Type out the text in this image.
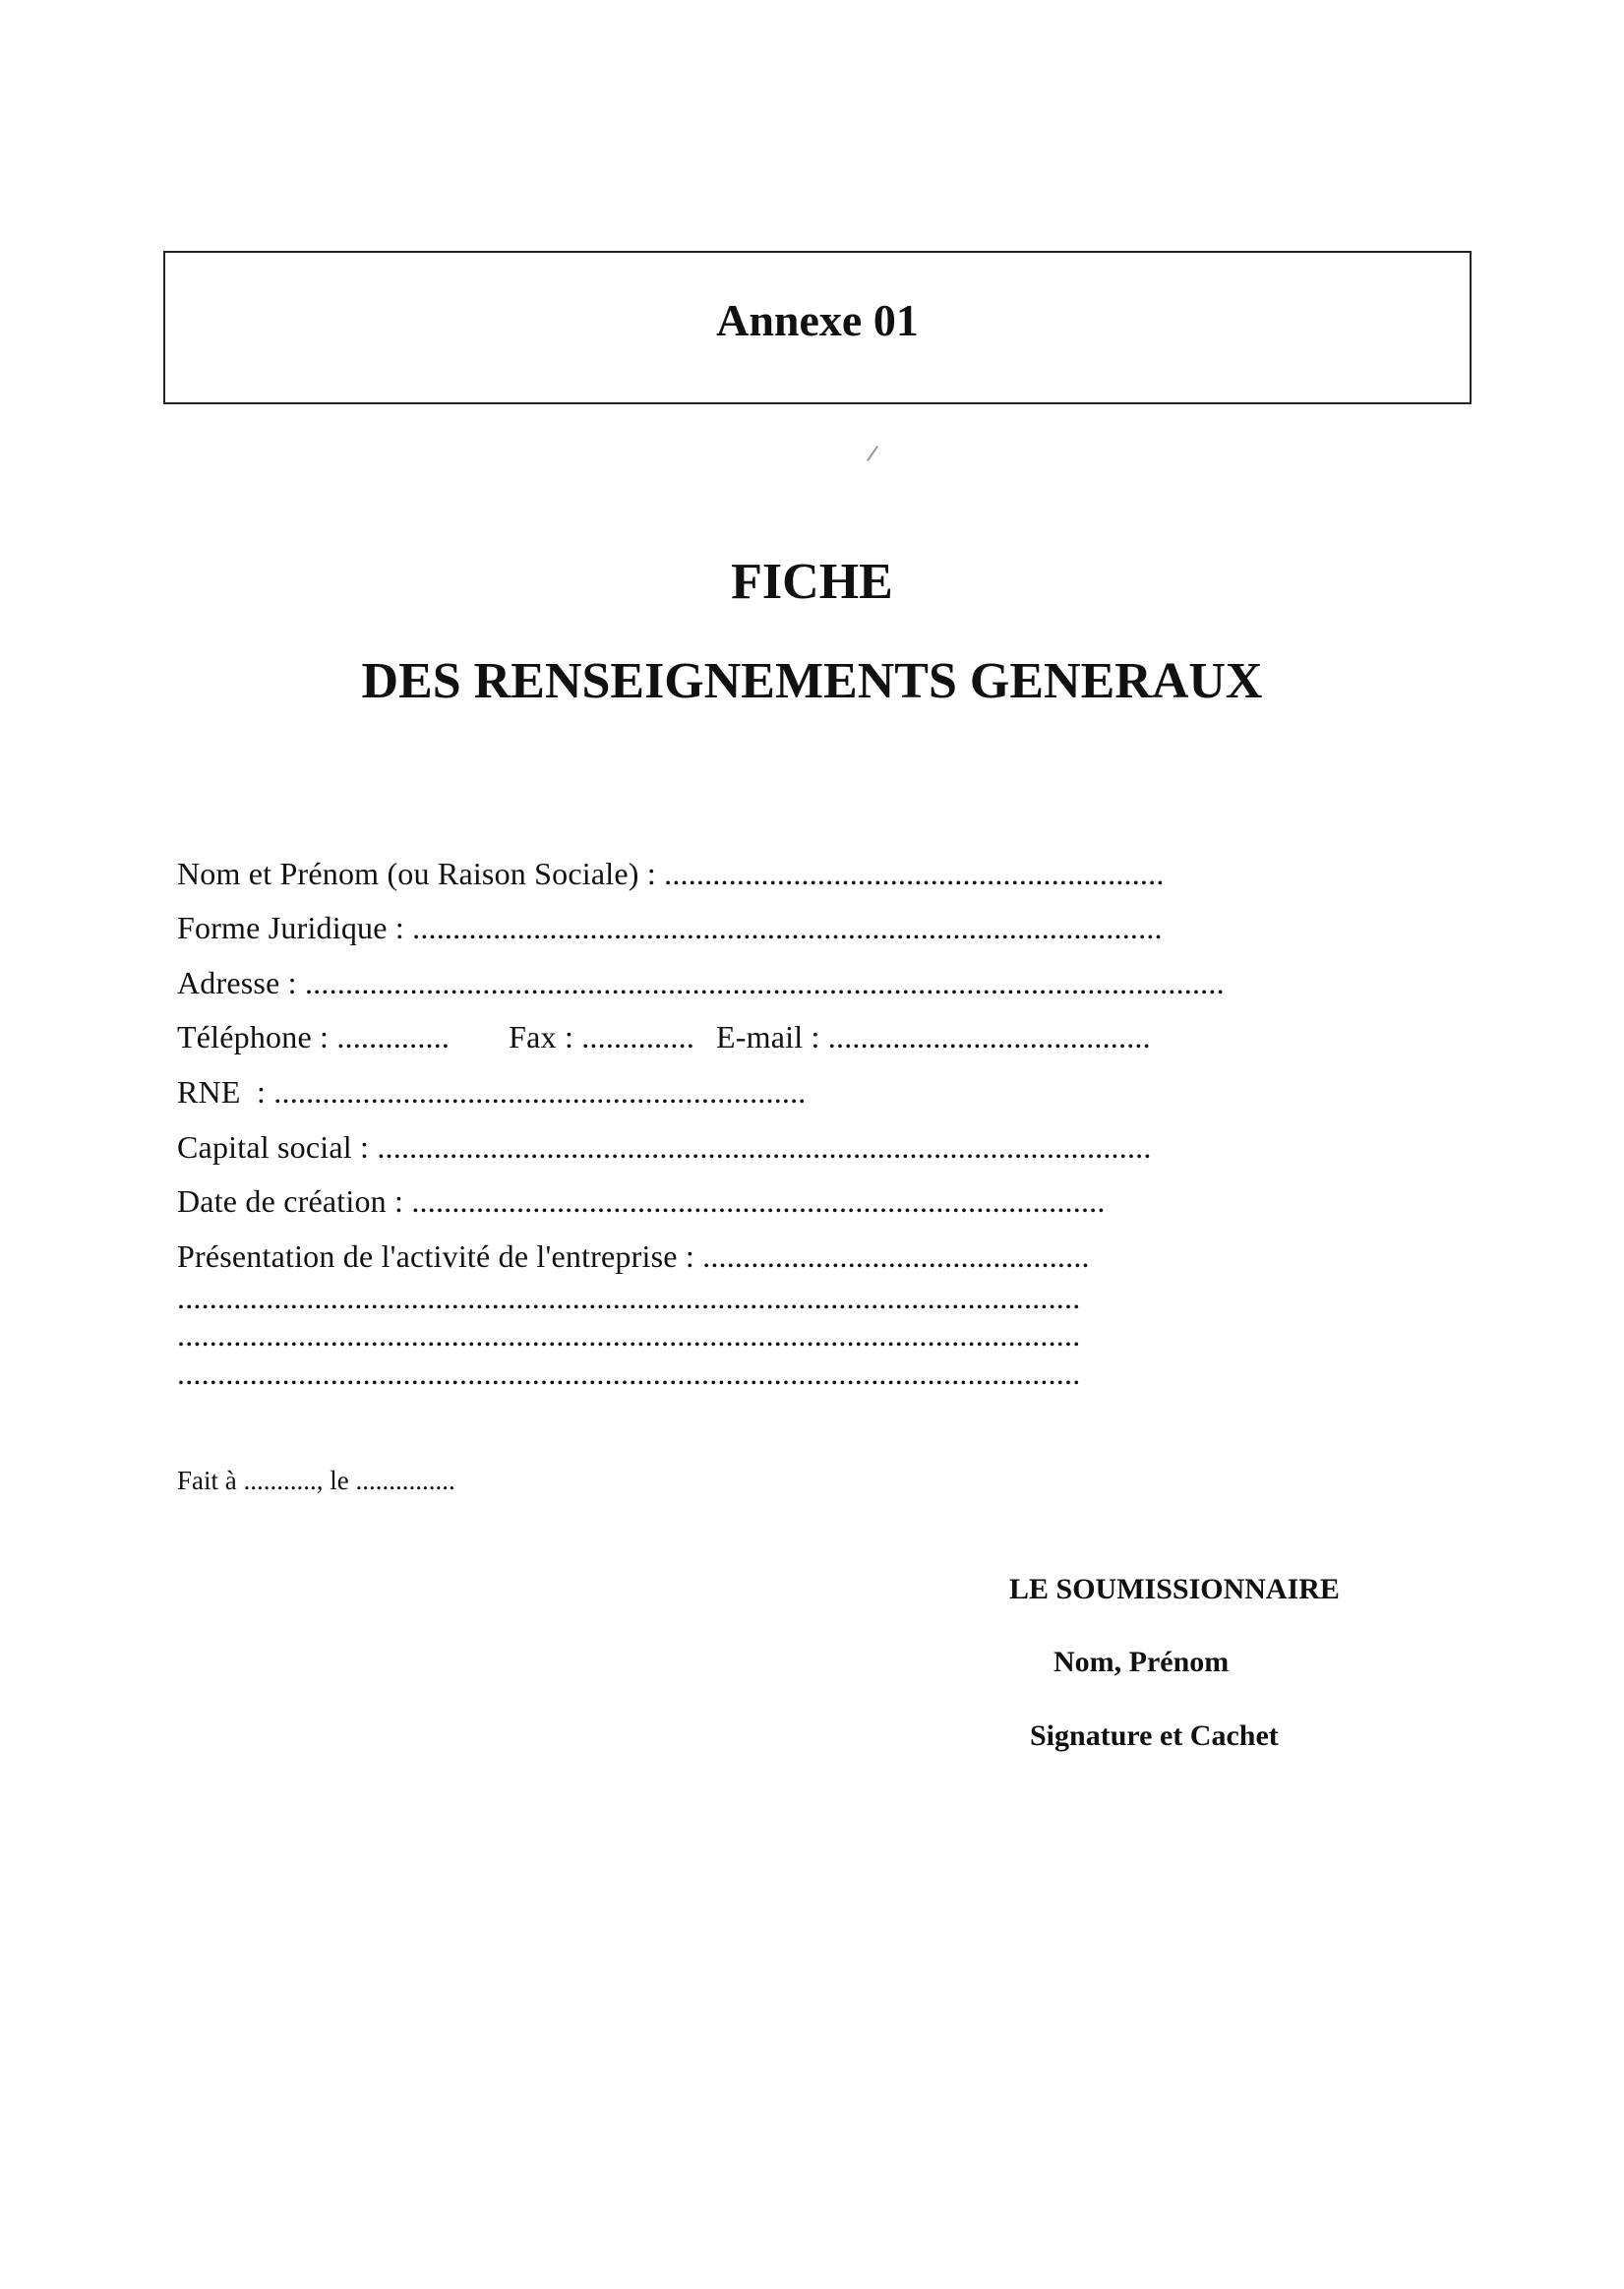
Annexe 01
FICHE
DES RENSEIGNEMENTS GENERAUX
Nom et Prénom (ou Raison Sociale) : ..............................................................
Forme Juridique : .............................................................................................
Adresse : ..................................................................................................................
Téléphone : .............. Fax : .............. E-mail : ........................................
RNE  : ..................................................................
Capital social : ................................................................................................
Date de création : ......................................................................................
Présentation de l'activité de l'entreprise : ................................................
................................................................................................................
................................................................................................................
................................................................................................................
Fait à ..........., le ...............
LE SOUMISSIONNAIRE
Nom, Prénom
Signature et Cachet
